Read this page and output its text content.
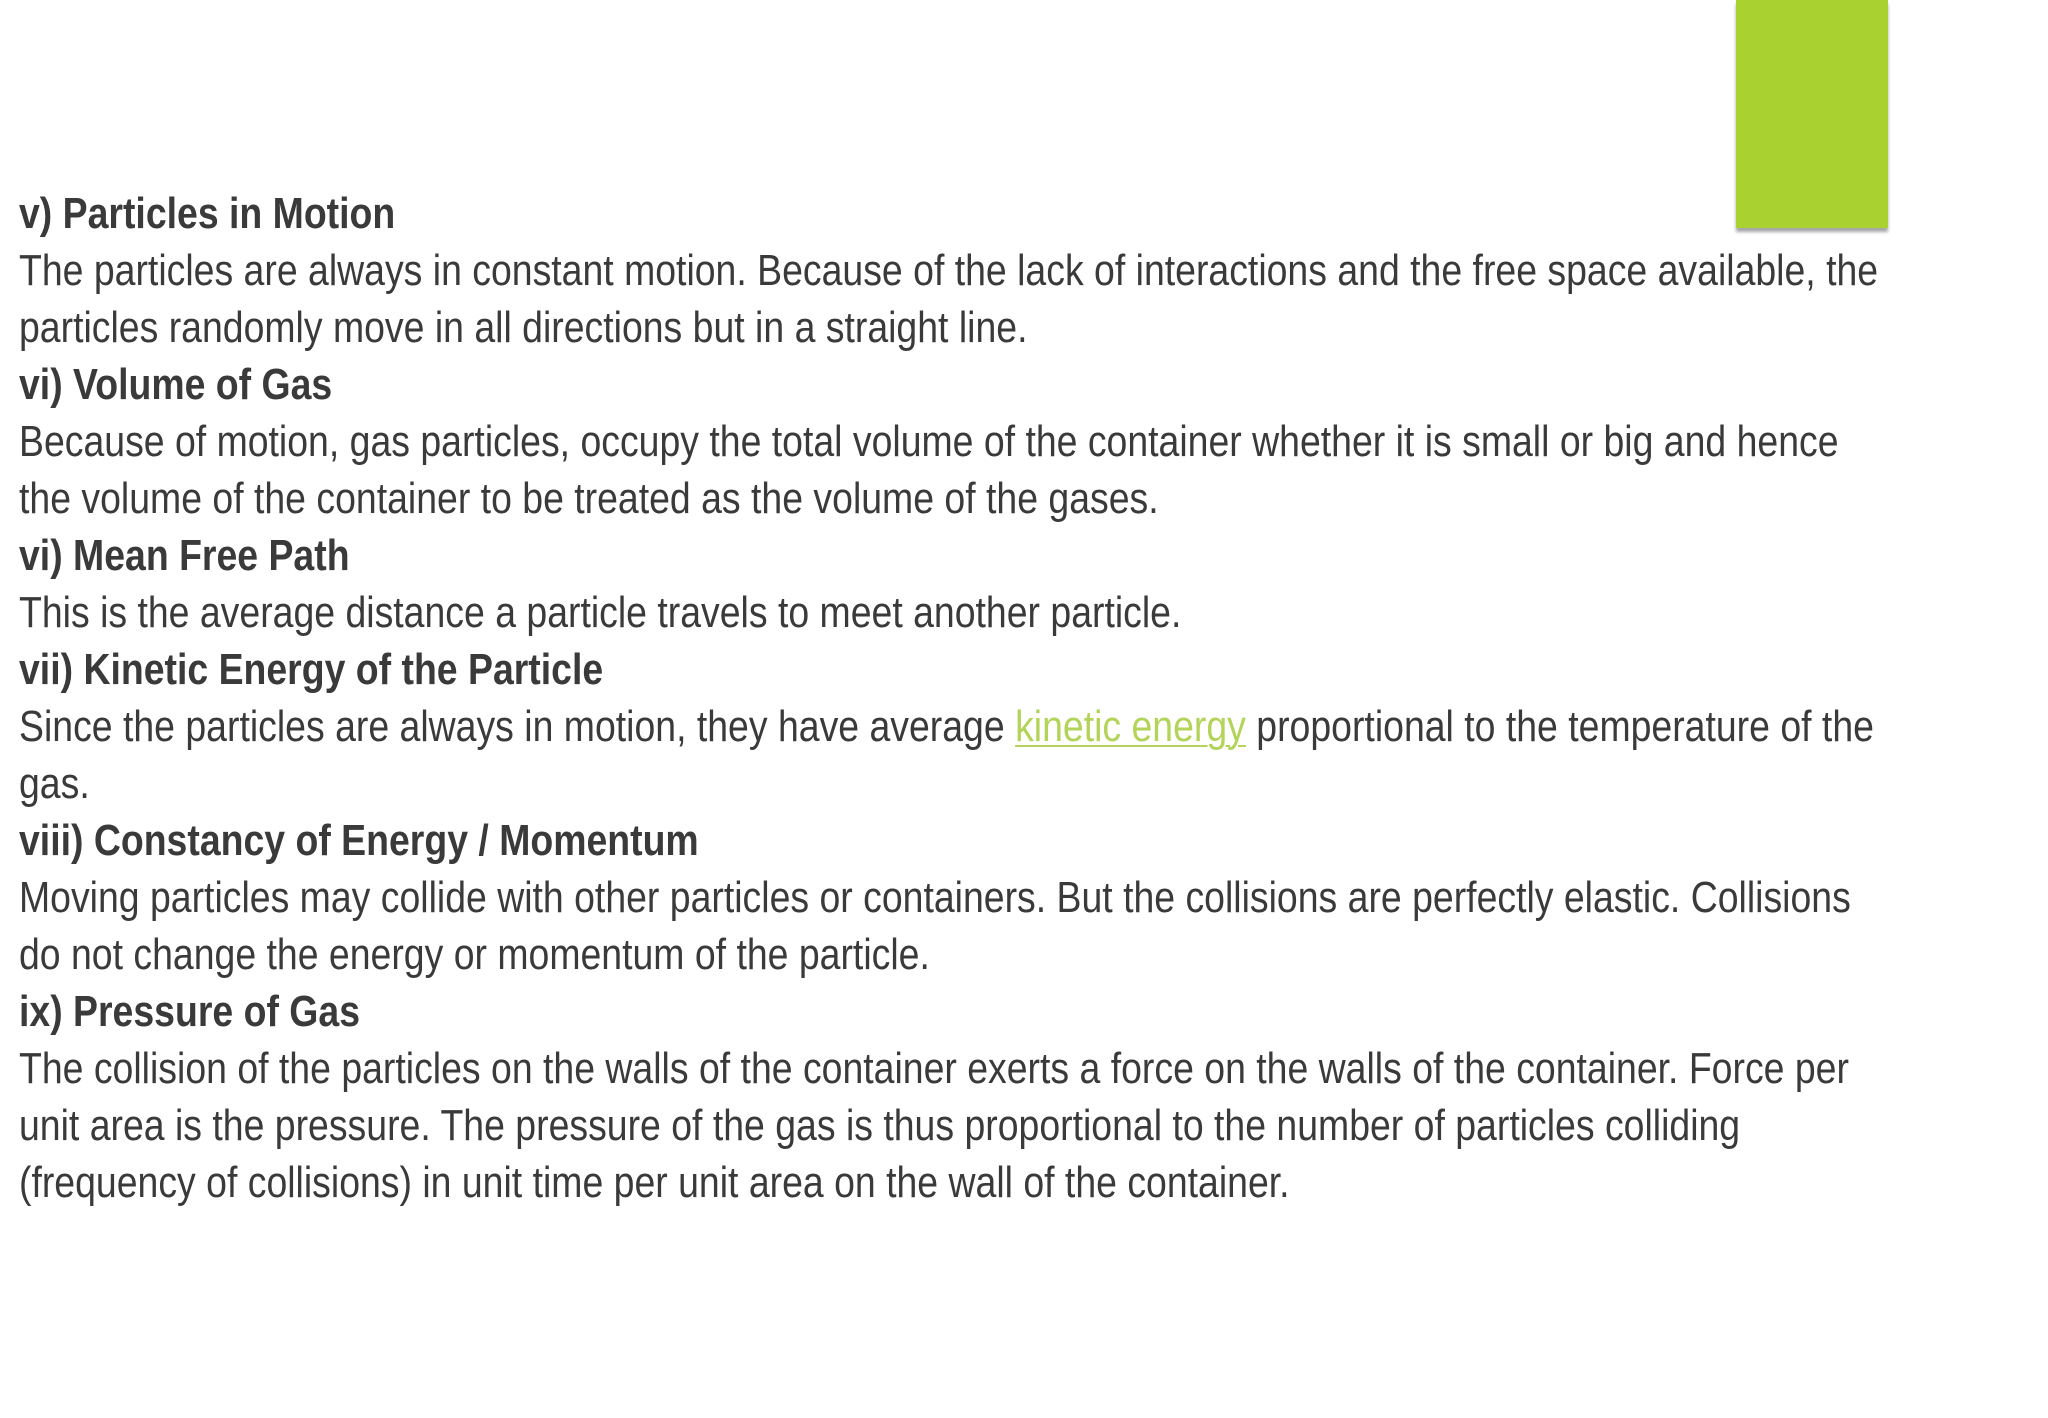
v) Particles in Motion

The particles are always in constant motion. Because of the lack of interactions and the free space available, the

particles randomly move in all directions but in a straight line.

vi) Volume of Gas

Because of motion, gas particles, occupy the total volume of the container whether it is small or big and hence

the volume of the container to be treated as the volume of the gases.

vi) Mean Free Path

This is the average distance a particle travels to meet another particle.

vii) Kinetic Energy of the Particle

Since the particles are always in motion, they have average kinetic energy proportional to the temperature of the

gas.

viii) Constancy of Energy / Momentum

Moving particles may collide with other particles or containers. But the collisions are perfectly elastic. Collisions

do not change the energy or momentum of the particle.

ix) Pressure of Gas

The collision of the particles on the walls of the container exerts a force on the walls of the container. Force per

unit area is the pressure. The pressure of the gas is thus proportional to the number of particles colliding

(frequency of collisions) in unit time per unit area on the wall of the container.
